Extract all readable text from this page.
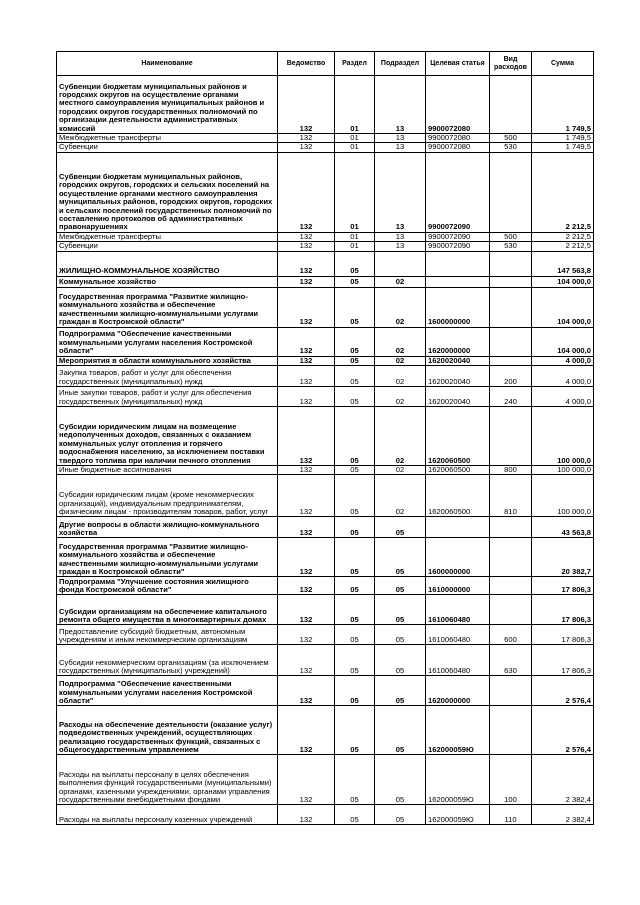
Наименование	Ведомство	Раздел	Подраздел	Целевая статья	Вид расходов	Сумма
Субвенции бюджетам муниципальных районов и городских округов на осуществление органами местного самоуправления муниципальных районов и городских округов государственных полномочий по организации деятельности административных комиссий	132	01	13	9900072080		1 749,5
Межбюджетные трансферты	132	01	13	9900072080	500	1 749,5
Субвенции	132	01	13	9900072080	530	1 749,5
Субвенции бюджетам муниципальных районов, городских округов, городских и сельских поселений на осуществление органами местного самоуправления муниципальных районов, городских округов, городских и сельских поселений государственных полномочий по составлению протоколов об административных правонарушениях	132	01	13	9900072090		2 212,5
Межбюджетные трансферты	132	01	13	9900072090	500	2 212,5
Субвенции	132	01	13	9900072090	530	2 212,5
ЖИЛИЩНО-КОММУНАЛЬНОЕ ХОЗЯЙСТВО	132	05				147 563,8
Коммунальное хозяйство	132	05	02			104 000,0
Государственная программа "Развитие жилищно-коммунального хозяйства и обеспечение качественными жилищно-коммунальными услугами граждан в Костромской области"	132	05	02	1600000000		104 000,0
Подпрограмма "Обеспечение качественными коммунальными услугами населения Костромской области"	132	05	02	1620000000		104 000,0
Мероприятия в области коммунального хозяйства	132	05	02	1620020040		4 000,0
Закупка товаров, работ и услуг для обеспечения государственных (муниципальных) нужд	132	05	02	1620020040	200	4 000,0
Иные закупки товаров, работ и услуг для обеспечения государственных (муниципальных) нужд	132	05	02	1620020040	240	4 000,0
Субсидии юридическим лицам на возмещение недополученных доходов, связанных с оказанием коммунальных услуг отопления и горячего водоснабжения населению, за исключением поставки твердого топлива при наличии печного отопления	132	05	02	1620060500		100 000,0
Иные бюджетные ассигнования	132	05	02	1620060500	800	100 000,0
Субсидии юридическим лицам (кроме некоммерческих организаций), индивидуальным предпринимателям, физическим лицам - производителям товаров, работ, услуг	132	05	02	1620060500	810	100 000,0
Другие вопросы в области жилищно-коммунального хозяйства	132	05	05			43 563,8
Государственная программа "Развитие жилищно-коммунального хозяйства и обеспечение качественными жилищно-коммунальными услугами граждан в Костромской области"	132	05	05	1600000000		20 382,7
Подпрограмма "Улучшение состояния жилищного фонда Костромской области"	132	05	05	1610000000		17 806,3
Субсидии организациям на обеспечение капитального ремонта общего имущества в многоквартирных домах	132	05	05	1610060480		17 806,3
Предоставление субсидий бюджетным, автономным учреждениям и иным некоммерческим организациям	132	05	05	1610060480	600	17 806,3
Субсидии некоммерческим организациям (за исключением государственных (муниципальных) учреждений)	132	05	05	1610060480	630	17 806,3
Подпрограмма "Обеспечение качественными коммунальными услугами населения Костромской области"	132	05	05	1620000000		2 576,4
Расходы на обеспечение деятельности (оказание услуг) подведомственных учреждений, осуществляющих реализацию государственных функций, связанных с общегосударственным управлением	132	05	05	162000059Ю		2 576,4
Расходы на выплаты персоналу в целях обеспечения выполнения функций государственными (муниципальными) органами, казенными учреждениями, органами управления государственными внебюджетными фондами	132	05	05	162000059Ю	100	2 382,4
Расходы на выплаты персоналу казенных учреждений	132	05	05	162000059Ю	110	2 382,4
